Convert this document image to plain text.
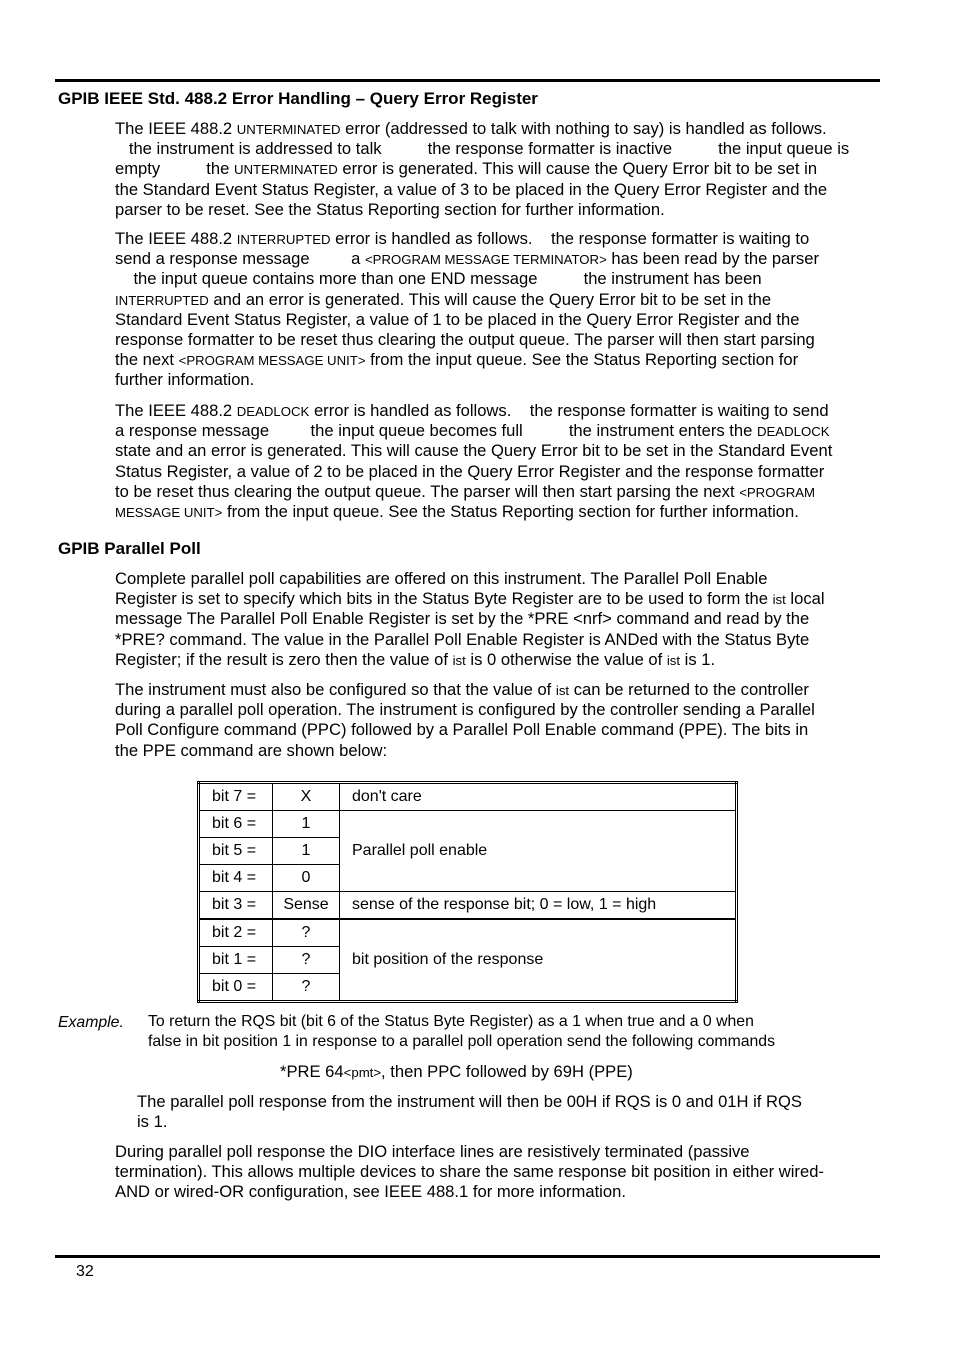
GPIB IEEE Std. 488.2 Error Handling – Query Error Register
The IEEE 488.2 UNTERMINATED error (addressed to talk with nothing to say) is handled as follows.
the instrument is addressed to talk          the response formatter is inactive          the input queue is
empty          the UNTERMINATED error is generated. This will cause the Query Error bit to be set in
the Standard Event Status Register, a value of 3 to be placed in the Query Error Register and the
parser to be reset. See the Status Reporting section for further information.
The IEEE 488.2 INTERRUPTED error is handled as follows.    the response formatter is waiting to
send a response message         a <PROGRAM MESSAGE TERMINATOR> has been read by the parser
the input queue contains more than one END message          the instrument has been
INTERRUPTED and an error is generated. This will cause the Query Error bit to be set in the
Standard Event Status Register, a value of 1 to be placed in the Query Error Register and the
response formatter to be reset thus clearing the output queue. The parser will then start parsing
the next <PROGRAM MESSAGE UNIT> from the input queue. See the Status Reporting section for
further information.
The IEEE 488.2 DEADLOCK error is handled as follows.    the response formatter is waiting to send
a response message         the input queue becomes full          the instrument enters the DEADLOCK
state and an error is generated. This will cause the Query Error bit to be set in the Standard Event
Status Register, a value of 2 to be placed in the Query Error Register and the response formatter
to be reset thus clearing the output queue. The parser will then start parsing the next <PROGRAM
MESSAGE UNIT> from the input queue. See the Status Reporting section for further information.
GPIB Parallel Poll
Complete parallel poll capabilities are offered on this instrument. The Parallel Poll Enable
Register is set to specify which bits in the Status Byte Register are to be used to form the ist local
message The Parallel Poll Enable Register is set by the *PRE <nrf> command and read by the
*PRE? command. The value in the Parallel Poll Enable Register is ANDed with the Status Byte
Register; if the result is zero then the value of ist is 0 otherwise the value of ist is 1.
The instrument must also be configured so that the value of ist can be returned to the controller
during a parallel poll operation. The instrument is configured by the controller sending a Parallel
Poll Configure command (PPC) followed by a Parallel Poll Enable command (PPE). The bits in
the PPE command are shown below:
bit 7 =	X	don't care
bit 6 =	1	Parallel poll enable
bit 5 =	1	
bit 4 =	0	
bit 3 =	Sense	sense of the response bit; 0 = low, 1 = high
bit 2 =	?	bit position of the response
bit 1 =	?	
bit 0 =	?	
Example. To return the RQS bit (bit 6 of the Status Byte Register) as a 1 when true and a 0 when
false in bit position 1 in response to a parallel poll operation send the following commands
*PRE 64<pmt>, then PPC followed by 69H (PPE)
The parallel poll response from the instrument will then be 00H if RQS is 0 and 01H if RQS
is 1.
During parallel poll response the DIO interface lines are resistively terminated (passive
termination). This allows multiple devices to share the same response bit position in either wired-
AND or wired-OR configuration, see IEEE 488.1 for more information.
32
